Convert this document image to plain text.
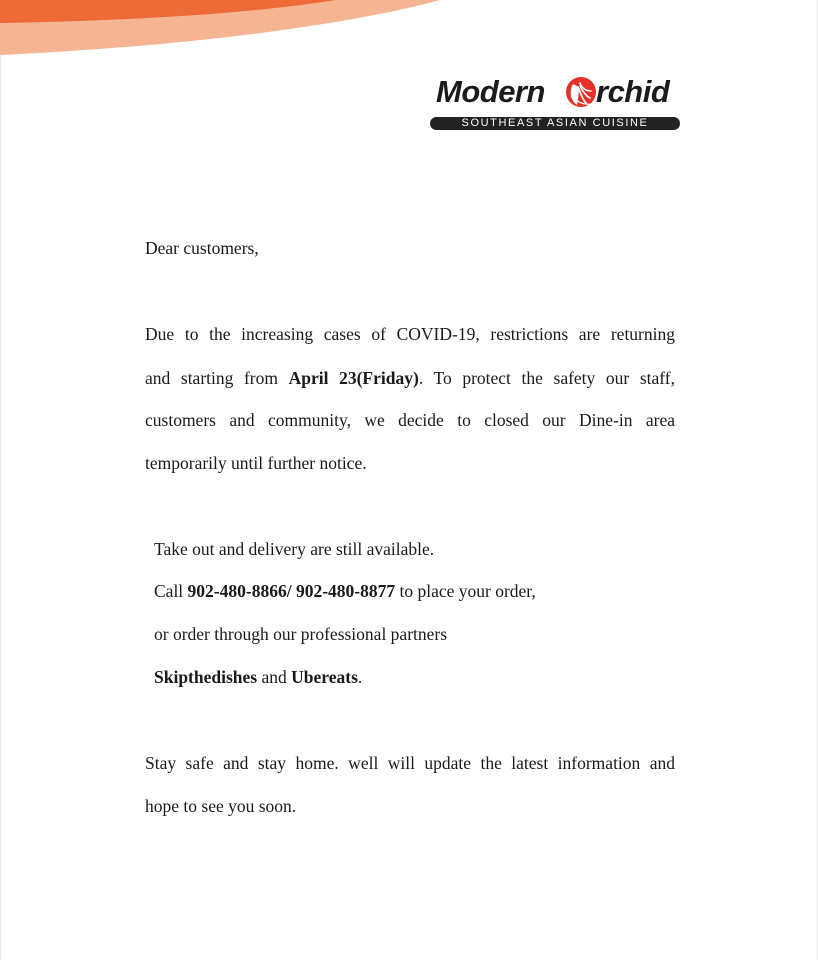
Modern rchid
SOUTHEAST ASIAN CUISINE

Dear customers,

Due to the increasing cases of COVID-19, restrictions are returning

and starting from April 23(Friday). To protect the safety our staff,

customers and community, we decide to closed our Dine-in area

temporarily until further notice.

Take out and delivery are still available.

Call 902-480-8866/ 902-480-8877 to place your order,

or order through our professional partners

Skipthedishes and Ubereats.

Stay safe and stay home. well will update the latest information and

hope to see you soon.
